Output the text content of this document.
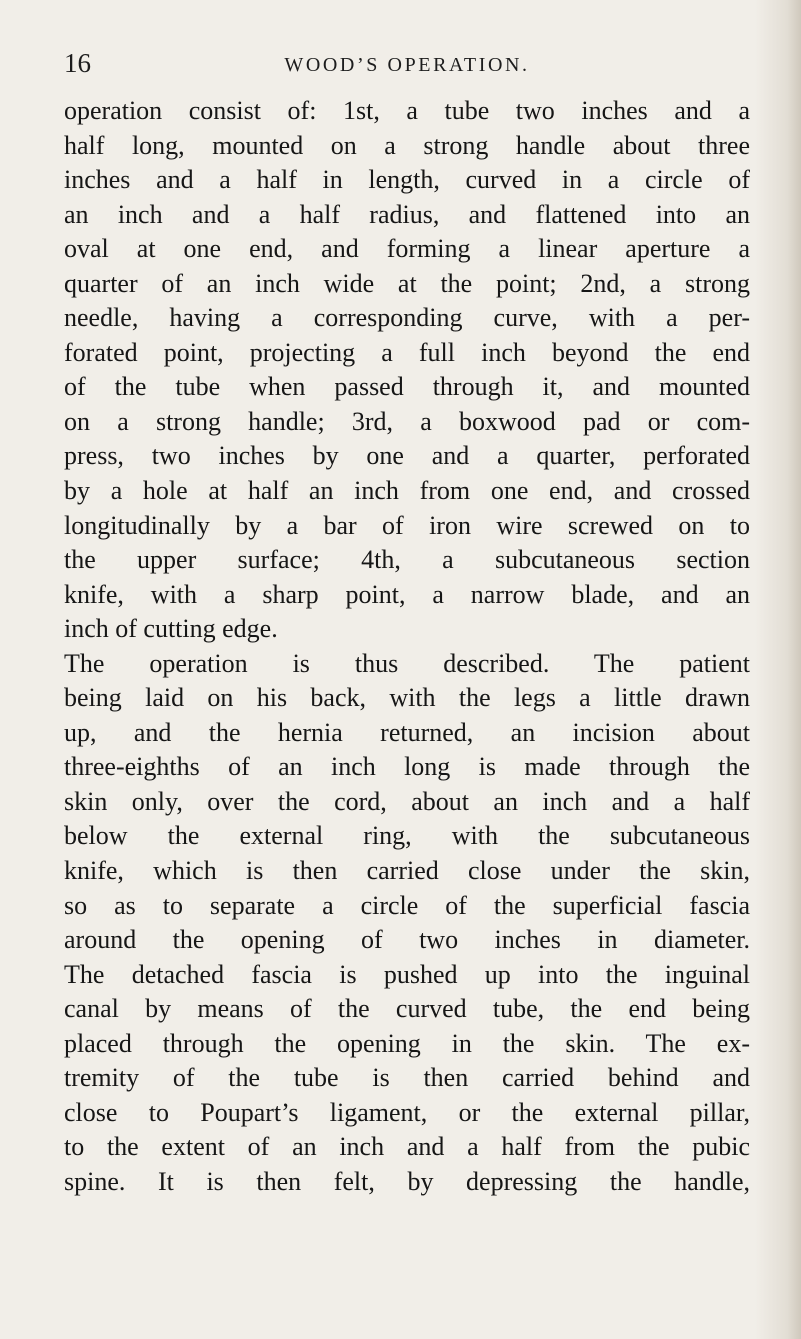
16	WOOD’S OPERATION.
operation consist of: 1st, a tube two inches and a
half long, mounted on a strong handle about three
inches and a half in length, curved in a circle of
an inch and a half radius, and flattened into an
oval at one end, and forming a linear aperture a
quarter of an inch wide at the point; 2nd, a strong
needle, having a corresponding curve, with a per-
forated point, projecting a full inch beyond the end
of the tube when passed through it, and mounted
on a strong handle; 3rd, a boxwood pad or com-
press, two inches by one and a quarter, perforated
by a hole at half an inch from one end, and crossed
longitudinally by a bar of iron wire screwed on to
the upper surface; 4th, a subcutaneous section
knife, with a sharp point, a narrow blade, and an
inch of cutting edge.
The operation is thus described. The patient
being laid on his back, with the legs a little drawn
up, and the hernia returned, an incision about
three-eighths of an inch long is made through the
skin only, over the cord, about an inch and a half
below the external ring, with the subcutaneous
knife, which is then carried close under the skin,
so as to separate a circle of the superficial fascia
around the opening of two inches in diameter.
The detached fascia is pushed up into the inguinal
canal by means of the curved tube, the end being
placed through the opening in the skin. The ex-
tremity of the tube is then carried behind and
close to Poupart’s ligament, or the external pillar,
to the extent of an inch and a half from the pubic
spine. It is then felt, by depressing the handle,
